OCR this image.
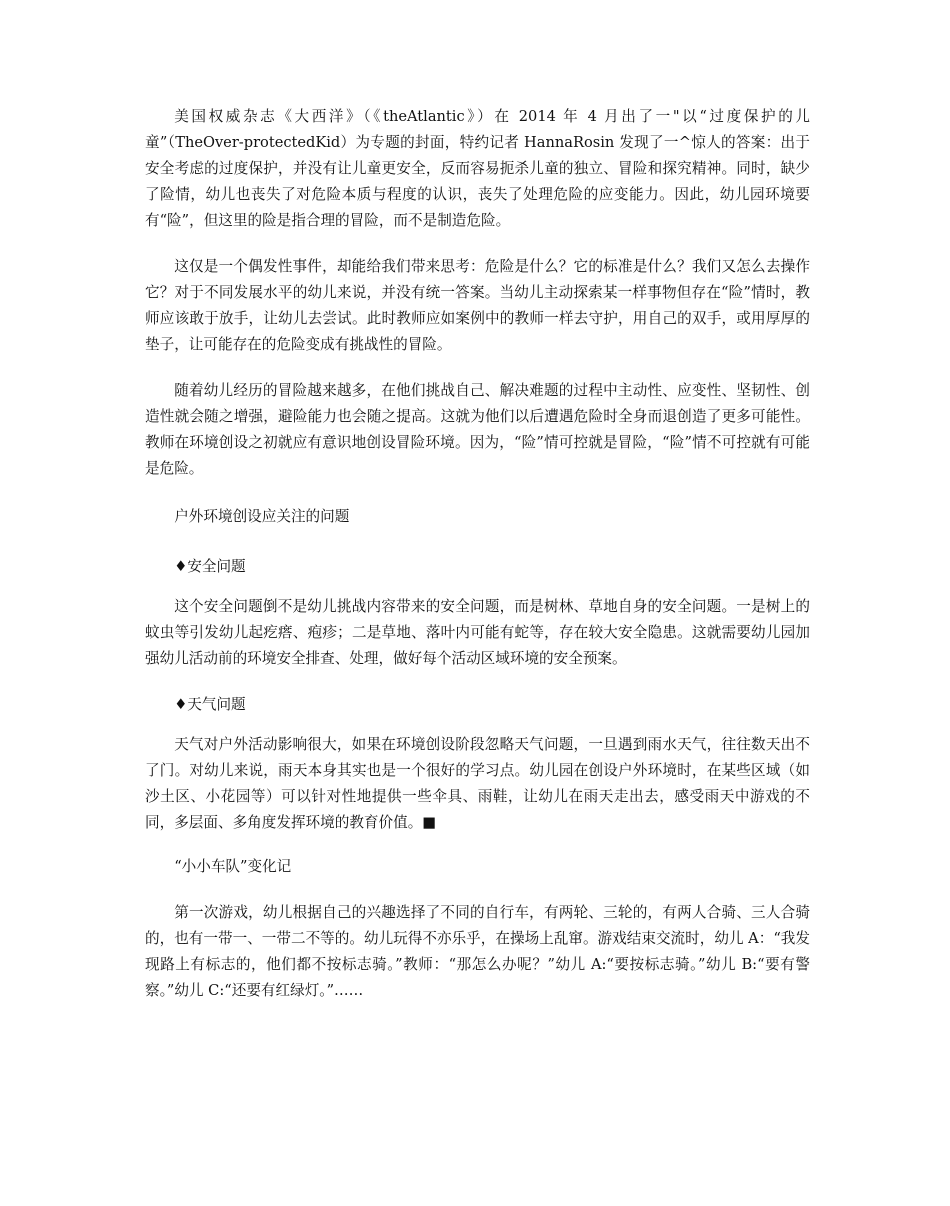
美国权威杂志《大西洋》（《theAtlantic》）在 2014 年 4 月出了一"以“过度保护的儿童”（TheOver-protectedKid）为专题的封面，特约记者 HannaRosin 发现了一^惊人的答案：出于安全考虑的过度保护，并没有让儿童更安全，反而容易扼杀儿童的独立、冒险和探究精神。同时，缺少了险情，幼儿也丧失了对危险本质与程度的认识，丧失了处理危险的应变能力。因此，幼儿园环境要有“险”，但这里的险是指合理的冒险，而不是制造危险。

这仅是一个偶发性事件，却能给我们带来思考：危险是什么？它的标准是什么？我们又怎么去操作它？对于不同发展水平的幼儿来说，并没有统一答案。当幼儿主动探索某一样事物但存在“险”情时，教师应该敢于放手，让幼儿去尝试。此时教师应如案例中的教师一样去守护，用自己的双手，或用厚厚的垫子，让可能存在的危险变成有挑战性的冒险。

随着幼儿经历的冒险越来越多，在他们挑战自己、解决难题的过程中主动性、应变性、坚韧性、创造性就会随之增强，避险能力也会随之提高。这就为他们以后遭遇危险时全身而退创造了更多可能性。教师在环境创设之初就应有意识地创设冒险环境。因为，“险”情可控就是冒险，“险”情不可控就有可能是危险。

户外环境创设应关注的问题

♦安全问题

这个安全问题倒不是幼儿挑战内容带来的安全问题，而是树林、草地自身的安全问题。一是树上的蚊虫等引发幼儿起疙瘩、疱疹；二是草地、落叶内可能有蛇等，存在较大安全隐患。这就需要幼儿园加强幼儿活动前的环境安全排查、处理，做好每个活动区域环境的安全预案。

♦天气问题

天气对户外活动影响很大，如果在环境创设阶段忽略天气问题，一旦遇到雨水天气，往往数天出不了门。对幼儿来说，雨天本身其实也是一个很好的学习点。幼儿园在创设户外环境时，在某些区域（如沙土区、小花园等）可以针对性地提供一些伞具、雨鞋，让幼儿在雨天走出去，感受雨天中游戏的不同，多层面、多角度发挥环境的教育价值。■

“小小车队”变化记

第一次游戏，幼儿根据自己的兴趣选择了不同的自行车，有两轮、三轮的，有两人合骑、三人合骑的，也有一带一、一带二不等的。幼儿玩得不亦乐乎，在操场上乱窜。游戏结束交流时，幼儿 A：“我发现路上有标志的，他们都不按标志骑。”教师：“那怎么办呢？”幼儿 A:“要按标志骑。”幼儿 B:“要有警察。”幼儿 C:“还要有红绿灯。”……
